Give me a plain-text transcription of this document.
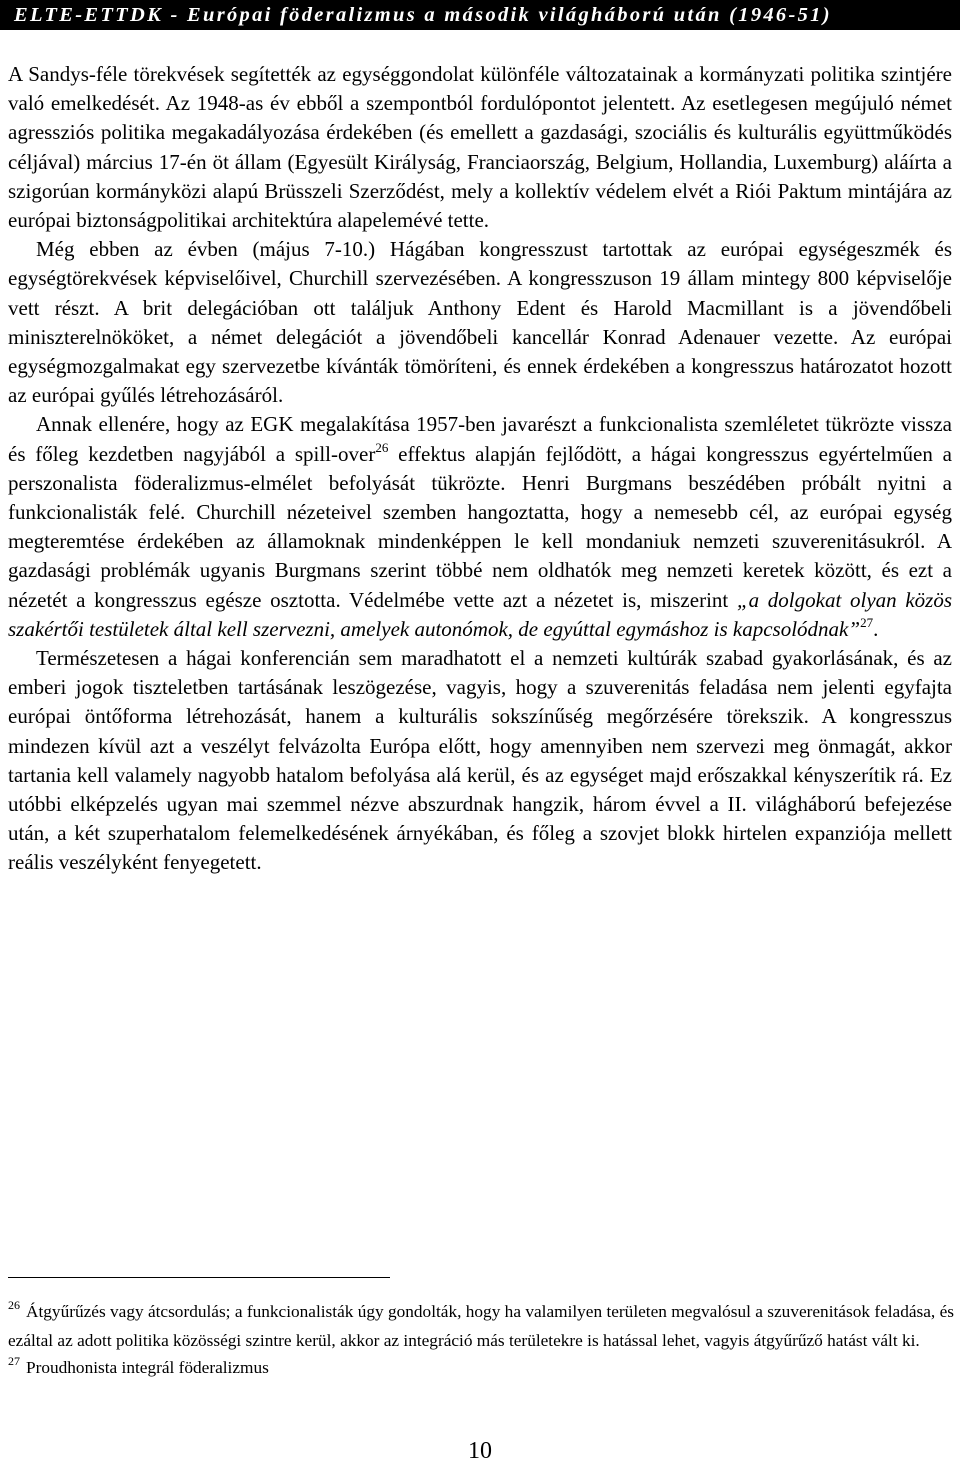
ELTE-ETTDK - Európai föderalizmus a második világháború után (1946-51)

A Sandys-féle törekvések segítették az egységgondolat különféle változatainak a kormányzati politika szintjére való emelkedését. Az 1948-as év ebből a szempontból fordulópontot jelentett. Az esetlegesen megújuló német agressziós politika megakadályozása érdekében (és emellett a gazdasági, szociális és kulturális együttműködés céljával) március 17-én öt állam (Egyesült Királyság, Franciaország, Belgium, Hollandia, Luxemburg) aláírta a szigorúan kormányközi alapú Brüsszeli Szerződést, mely a kollektív védelem elvét a Riói Paktum mintájára az európai biztonságpolitikai architektúra alapelemévé tette.

Még ebben az évben (május 7-10.) Hágában kongresszust tartottak az európai egységeszmék és egységtörekvések képviselőivel, Churchill szervezésében. A kongresszuson 19 állam mintegy 800 képviselője vett részt. A brit delegációban ott találjuk Anthony Edent és Harold Macmillant is a jövendőbeli miniszterelnököket, a német delegációt a jövendőbeli kancellár Konrad Adenauer vezette. Az európai egységmozgalmakat egy szervezetbe kívánták tömöríteni, és ennek érdekében a kongresszus határozatot hozott az európai gyűlés létrehozásáról.

Annak ellenére, hogy az EGK megalakítása 1957-ben javarészt a funkcionalista szemléletet tükrözte vissza és főleg kezdetben nagyjából a spill-over$^{26}$ effektus alapján fejlődött, a hágai kongresszus egyértelműen a perszonalista föderalizmus-elmélet befolyását tükrözte. Henri Burgmans beszédében próbált nyitni a funkcionalisták felé. Churchill nézeteivel szemben hangoztatta, hogy a nemesebb cél, az európai egység megteremtése érdekében az államoknak mindenképpen le kell mondaniuk nemzeti szuverenitásukról. A gazdasági problémák ugyanis Burgmans szerint többé nem oldhatók meg nemzeti keretek között, és ezt a nézetét a kongresszus egésze osztotta. Védelmébe vette azt a nézetet is, miszerint „a dolgokat olyan közös szakértői testületek által kell szervezni, amelyek autonómok, de egyúttal egymáshoz is kapcsolódnak”$^{27}$.

Természetesen a hágai konferencián sem maradhatott el a nemzeti kultúrák szabad gyakorlásának, és az emberi jogok tiszteletben tartásának leszögezése, vagyis, hogy a szuverenitás feladása nem jelenti egyfajta európai öntőforma létrehozását, hanem a kulturális sokszínűség megőrzésére törekszik. A kongresszus mindezen kívül azt a veszélyt felvázolta Európa előtt, hogy amennyiben nem szervezi meg önmagát, akkor tartania kell valamely nagyobb hatalom befolyása alá kerül, és az egységet majd erőszakkal kényszerítik rá. Ez utóbbi elképzelés ugyan mai szemmel nézve abszurdnak hangzik, három évvel a II. világháború befejezése után, a két szuperhatalom felemelkedésének árnyékában, és főleg a szovjet blokk hirtelen expanziója mellett reális veszélyként fenyegetett.

$^{26}$ Átgyűrűzés vagy átcsordulás; a funkcionalisták úgy gondolták, hogy ha valamilyen területen megvalósul a szuverenitások feladása, és ezáltal az adott politika közösségi szintre kerül, akkor az integráció más területekre is hatással lehet, vagyis átgyűrűző hatást vált ki.

$^{27}$ Proudhonista integrál föderalizmus

10
